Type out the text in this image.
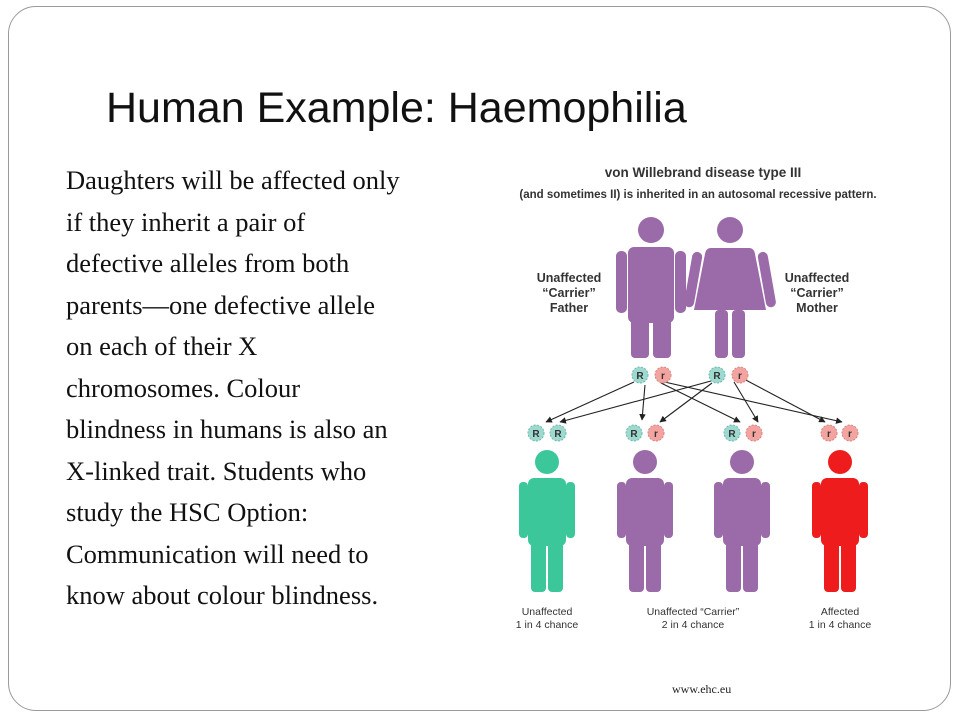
Human Example: Haemophilia

Daughters will be affected only
if they inherit a pair of
defective alleles from both
parents—one defective allele
on each of their X
chromosomes. Colour
blindness in humans is also an
X-linked trait. Students who
study the HSC Option:
Communication will need to
know about colour blindness.

von Willebrand disease type III
(and sometimes II) is inherited in an autosomal recessive pattern.
Unaffected
“Carrier”
Father
Unaffected
“Carrier”
Mother
R r	R r
R R	R r	R r	r r
Unaffected
1 in 4 chance
Unaffected “Carrier”
2 in 4 chance
Affected
1 in 4 chance
www.ehc.eu
